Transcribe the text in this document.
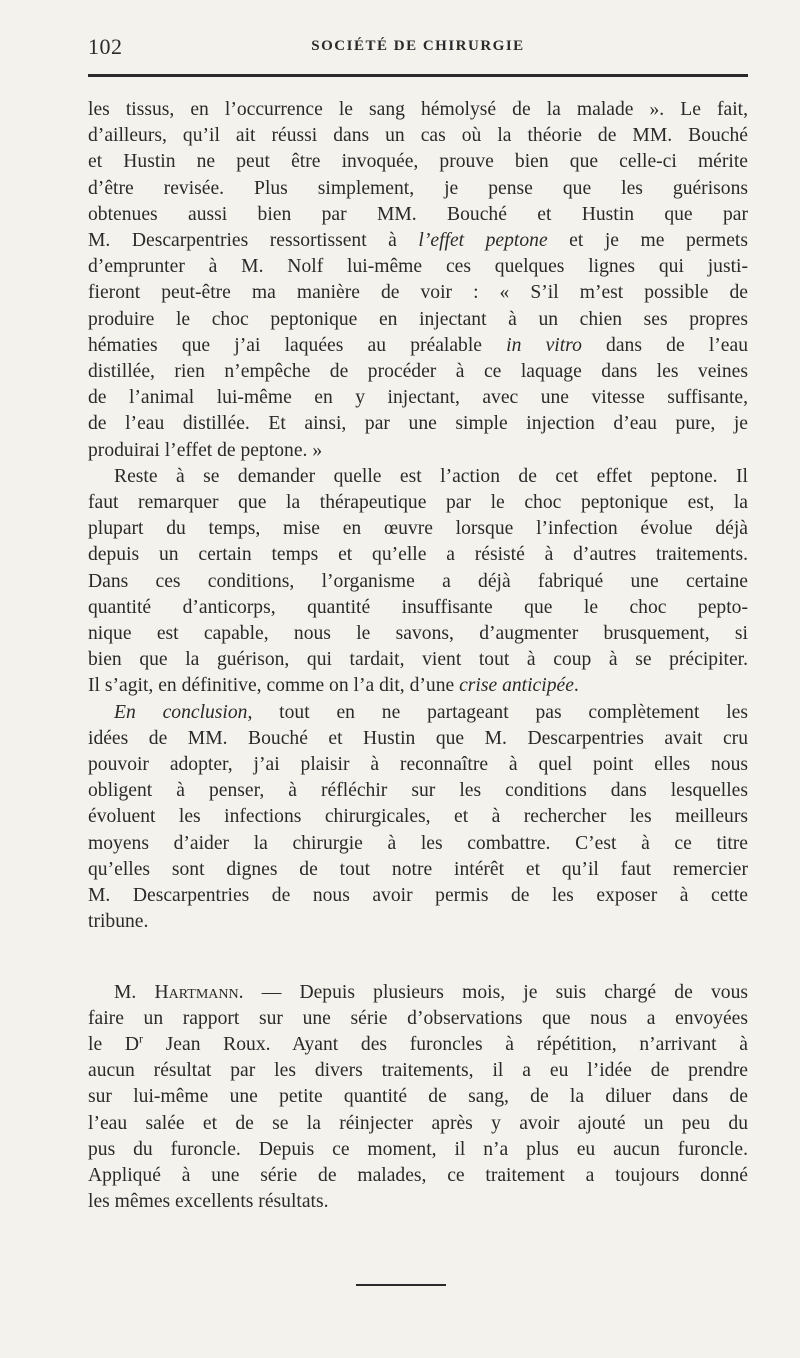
102	SOCIÉTÉ DE CHIRURGIE
les tissus, en l’occurrence le sang hémolysé de la malade ». Le fait,
d’ailleurs, qu’il ait réussi dans un cas où la théorie de MM. Bouché
et Hustin ne peut être invoquée, prouve bien que celle-ci mérite
d’être revisée. Plus simplement, je pense que les guérisons
obtenues aussi bien par MM. Bouché et Hustin que par
M. Descarpentries ressortissent à l’effet peptone et je me permets
d’emprunter à M. Nolf lui-même ces quelques lignes qui justi-
fieront peut-être ma manière de voir : « S’il m’est possible de
produire le choc peptonique en injectant à un chien ses propres
hématies que j’ai laquées au préalable in vitro dans de l’eau
distillée, rien n’empêche de procéder à ce laquage dans les veines
de l’animal lui-même en y injectant, avec une vitesse suffisante,
de l’eau distillée. Et ainsi, par une simple injection d’eau pure, je
produirai l’effet de peptone. »
Reste à se demander quelle est l’action de cet effet peptone. Il
faut remarquer que la thérapeutique par le choc peptonique est, la
plupart du temps, mise en œuvre lorsque l’infection évolue déjà
depuis un certain temps et qu’elle a résisté à d’autres traitements.
Dans ces conditions, l’organisme a déjà fabriqué une certaine
quantité d’anticorps, quantité insuffisante que le choc pepto-
nique est capable, nous le savons, d’augmenter brusquement, si
bien que la guérison, qui tardait, vient tout à coup à se précipiter.
Il s’agit, en définitive, comme on l’a dit, d’une crise anticipée.
En conclusion, tout en ne partageant pas complètement les
idées de MM. Bouché et Hustin que M. Descarpentries avait cru
pouvoir adopter, j’ai plaisir à reconnaître à quel point elles nous
obligent à penser, à réfléchir sur les conditions dans lesquelles
évoluent les infections chirurgicales, et à rechercher les meilleurs
moyens d’aider la chirurgie à les combattre. C’est à ce titre
qu’elles sont dignes de tout notre intérêt et qu’il faut remercier
M. Descarpentries de nous avoir permis de les exposer à cette
tribune.
M. Hartmann. — Depuis plusieurs mois, je suis chargé de vous
faire un rapport sur une série d’observations que nous a envoyées
le $D^r$ Jean Roux. Ayant des furoncles à répétition, n’arrivant à
aucun résultat par les divers traitements, il a eu l’idée de prendre
sur lui-même une petite quantité de sang, de la diluer dans de
l’eau salée et de se la réinjecter après y avoir ajouté un peu du
pus du furoncle. Depuis ce moment, il n’a plus eu aucun furoncle.
Appliqué à une série de malades, ce traitement a toujours donné
les mêmes excellents résultats.
